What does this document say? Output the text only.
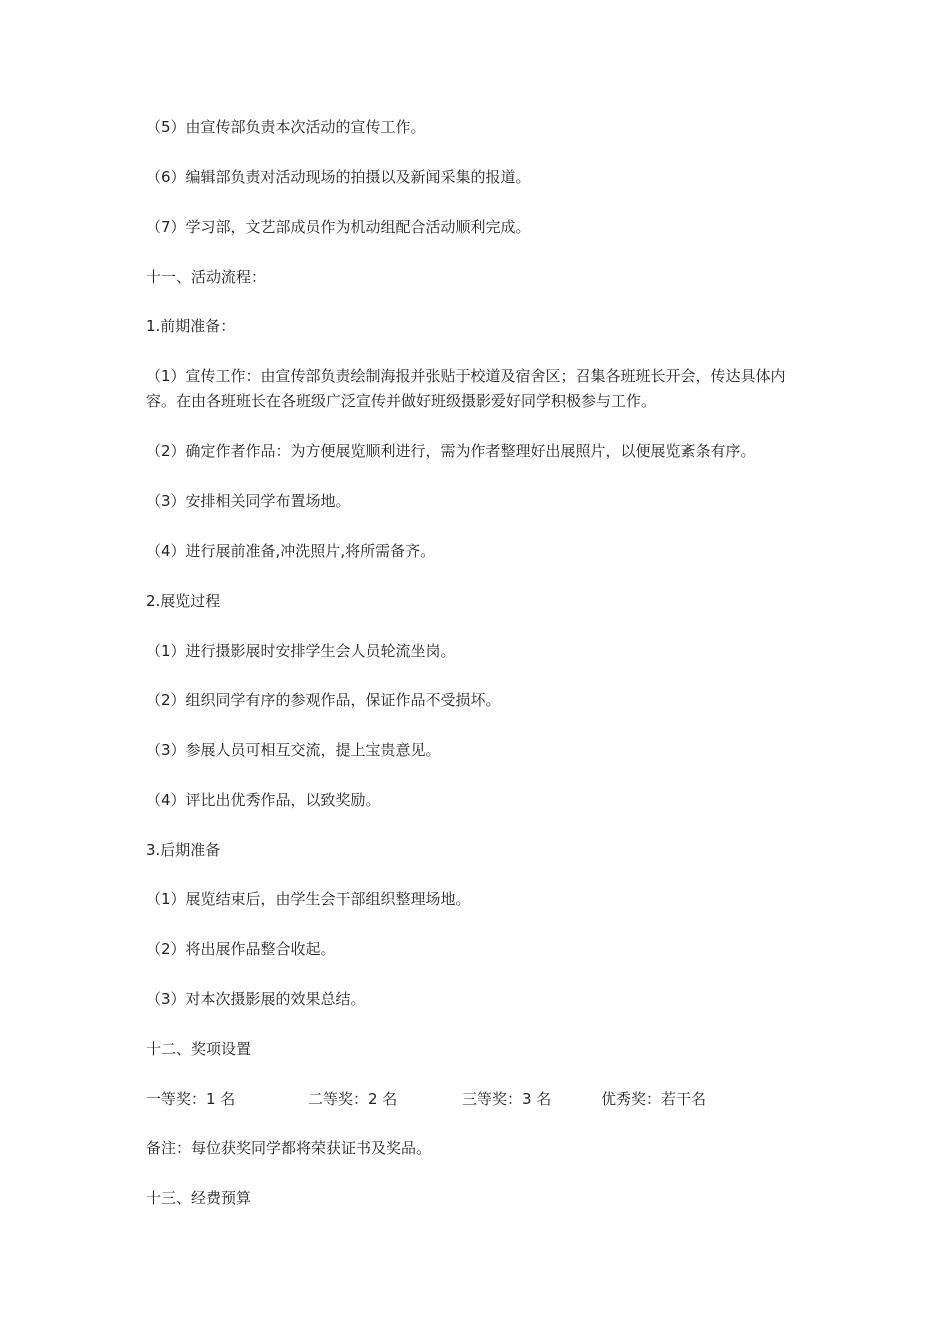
（5）由宣传部负责本次活动的宣传工作。
（6）编辑部负责对活动现场的拍摄以及新闻采集的报道。
（7）学习部，文艺部成员作为机动组配合活动顺利完成。
十一、活动流程：
1.前期准备：
（1）宣传工作：由宣传部负责绘制海报并张贴于校道及宿舍区；召集各班班长开会，传达具体内容。在由各班班长在各班级广泛宣传并做好班级摄影爱好同学积极参与工作。
（2）确定作者作品：为方便展览顺利进行，需为作者整理好出展照片，以便展览紊条有序。
（3）安排相关同学布置场地。
（4）进行展前准备,冲洗照片,将所需备齐。
2.展览过程
（1）进行摄影展时安排学生会人员轮流坐岗。
（2）组织同学有序的参观作品，保证作品不受损坏。
（3）参展人员可相互交流，提上宝贵意见。
（4）评比出优秀作品，以致奖励。
3.后期准备
（1）展览结束后，由学生会干部组织整理场地。
（2）将出展作品整合收起。
（3）对本次摄影展的效果总结。
十二、奖项设置
一等奖：1 名	二等奖：2 名	三等奖：3 名	优秀奖：若干名
备注：每位获奖同学都将荣获证书及奖品。
十三、经费预算
